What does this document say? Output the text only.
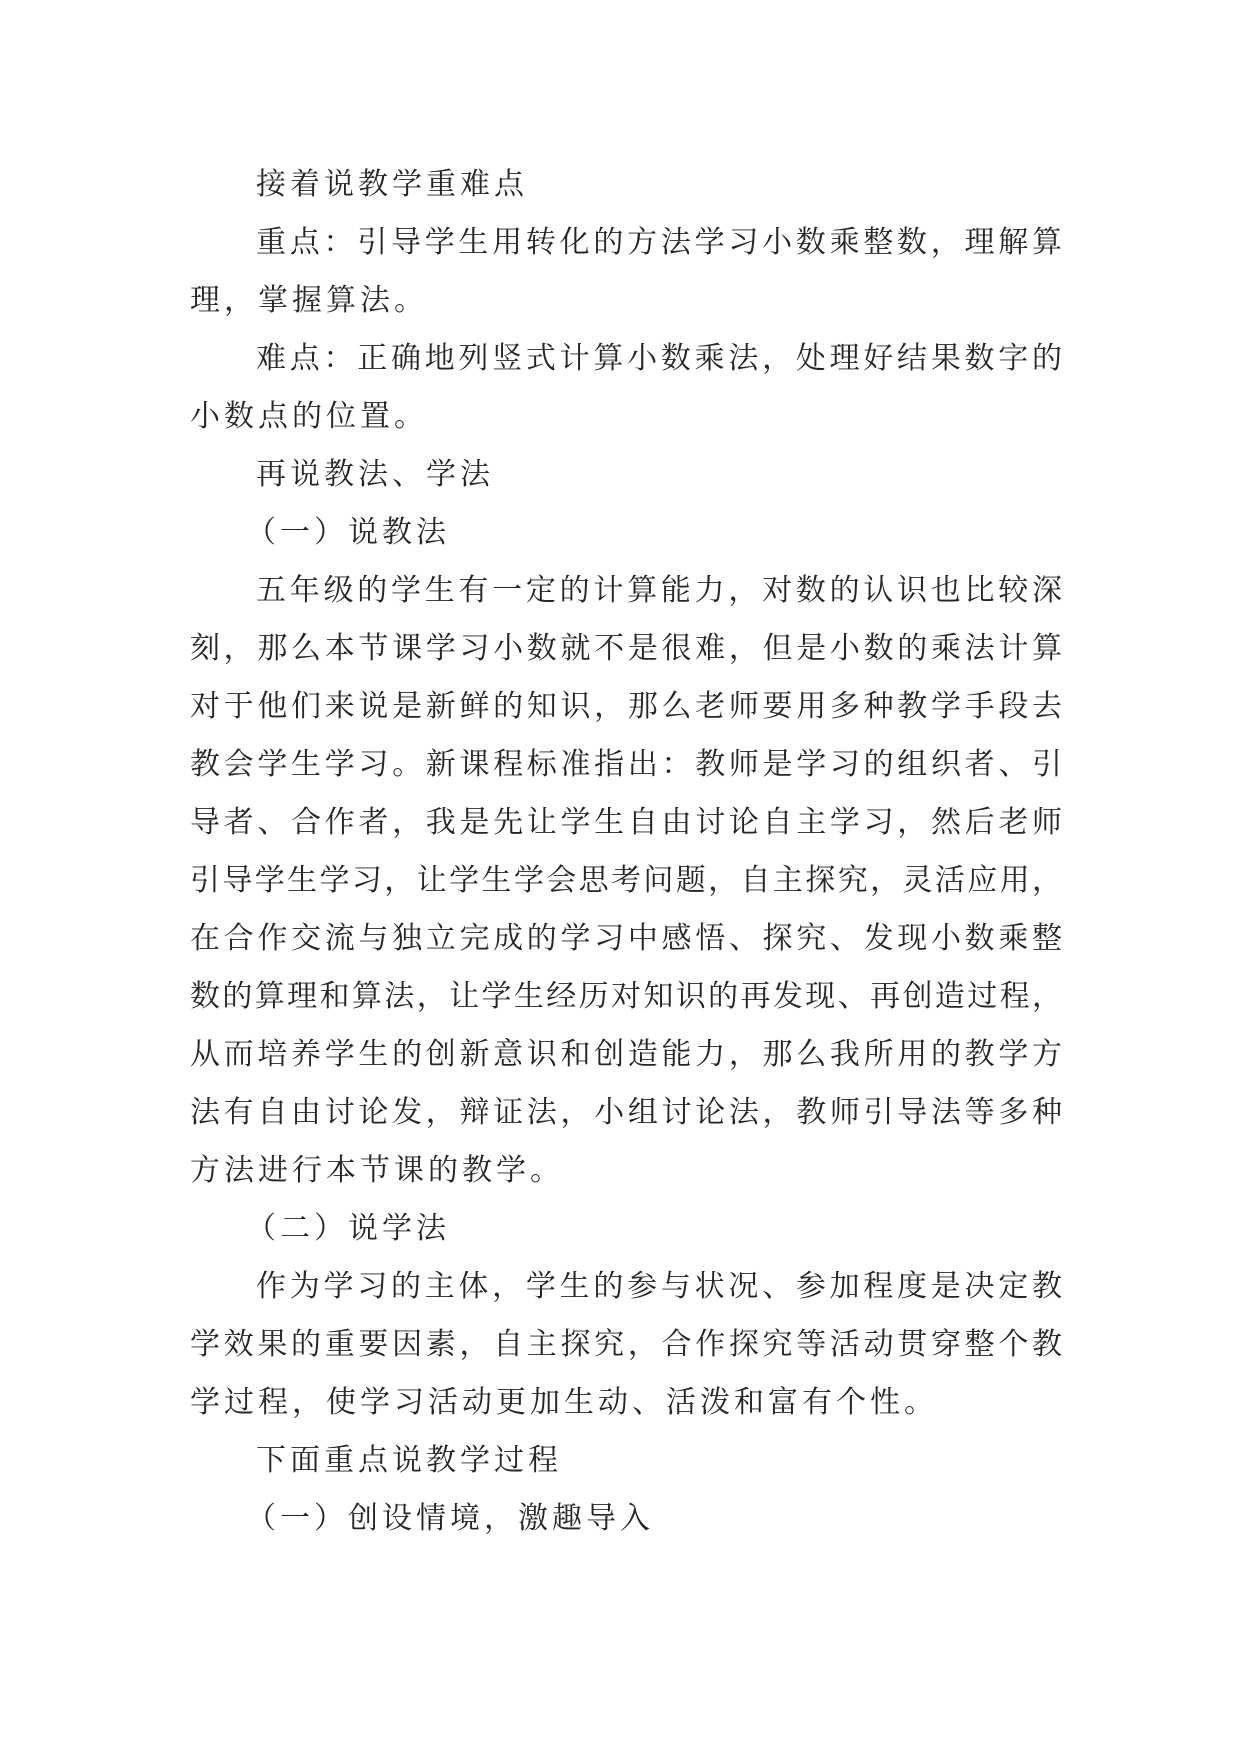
接着说教学重难点
重点：引导学生用转化的方法学习小数乘整数，理解算
理，掌握算法。
难点：正确地列竖式计算小数乘法，处理好结果数字的
小数点的位置。
再说教法、学法
（一）说教法
五年级的学生有一定的计算能力，对数的认识也比较深
刻，那么本节课学习小数就不是很难，但是小数的乘法计算
对于他们来说是新鲜的知识，那么老师要用多种教学手段去
教会学生学习。新课程标准指出：教师是学习的组织者、引
导者、合作者，我是先让学生自由讨论自主学习，然后老师
引导学生学习，让学生学会思考问题，自主探究，灵活应用，
在合作交流与独立完成的学习中感悟、探究、发现小数乘整
数的算理和算法，让学生经历对知识的再发现、再创造过程，
从而培养学生的创新意识和创造能力，那么我所用的教学方
法有自由讨论发，辩证法，小组讨论法，教师引导法等多种
方法进行本节课的教学。
（二）说学法
作为学习的主体，学生的参与状况、参加程度是决定教
学效果的重要因素，自主探究，合作探究等活动贯穿整个教
学过程，使学习活动更加生动、活泼和富有个性。
下面重点说教学过程
（一）创设情境，激趣导入
